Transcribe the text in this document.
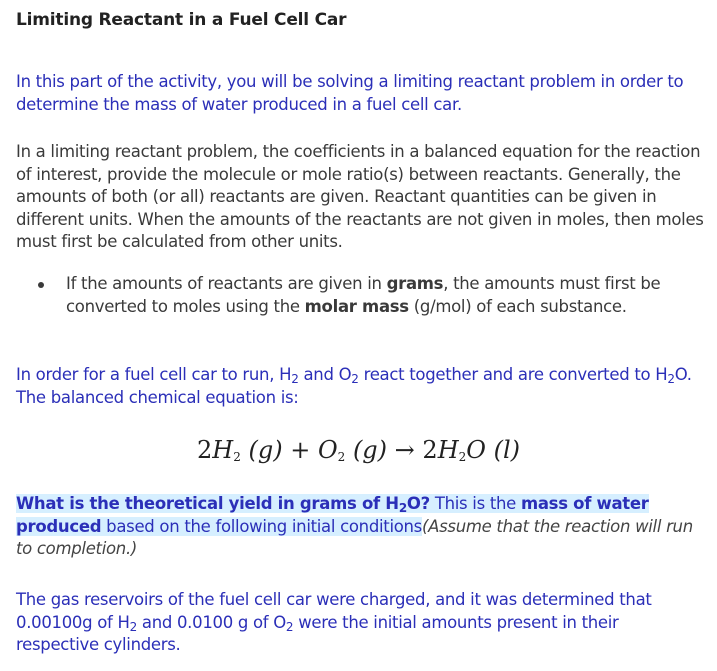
Limiting Reactant in a Fuel Cell Car
In this part of the activity, you will be solving a limiting reactant problem in order to determine the mass of water produced in a fuel cell car.
In a limiting reactant problem, the coefficients in a balanced equation for the reaction of interest, provide the molecule or mole ratio(s) between reactants. Generally, the amounts of both (or all) reactants are given. Reactant quantities can be given in different units. When the amounts of the reactants are not given in moles, then moles must first be calculated from other units.
If the amounts of reactants are given in grams, the amounts must first be converted to moles using the molar mass (g/mol) of each substance.
In order for a fuel cell car to run, $H_2$ and $O_2$ react together and are converted to $H_2O$. The balanced chemical equation is:
$2H_2$ $(g) + O_2$ $(g) \to 2H_2O$ (l)
What is the theoretical yield in grams of $H_2O$? This is the mass of water produced based on the following initial conditions(Assume that the reaction will run to completion.)
The gas reservoirs of the fuel cell car were charged, and it was determined that 0.00100g of $H_2$ and 0.0100 g of $O_2$ were the initial amounts present in their respective cylinders.
